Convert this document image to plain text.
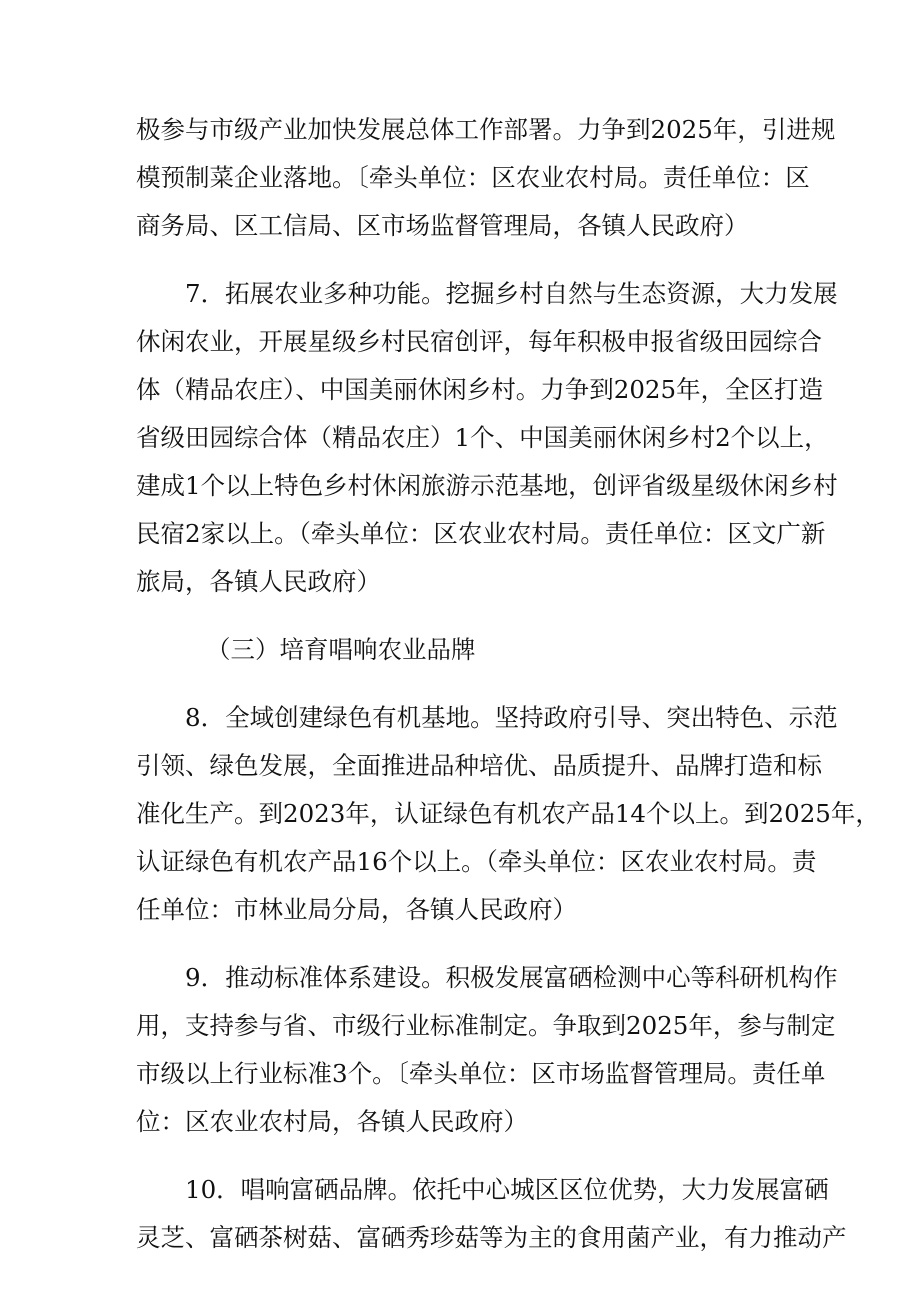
极参与市级产业加快发展总体工作部署。力争到2025年，引进规
模预制菜企业落地。〔牵头单位：区农业农村局。责任单位：区
商务局、区工信局、区市场监督管理局，各镇人民政府）
7．拓展农业多种功能。挖掘乡村自然与生态资源，大力发展
休闲农业，开展星级乡村民宿创评，每年积极申报省级田园综合
体（精品农庄）、中国美丽休闲乡村。力争到2025年，全区打造
省级田园综合体（精品农庄）1个、中国美丽休闲乡村2个以上，
建成1个以上特色乡村休闲旅游示范基地，创评省级星级休闲乡村
民宿2家以上。（牵头单位：区农业农村局。责任单位：区文广新
旅局，各镇人民政府）
（三）培育唱响农业品牌
8．全域创建绿色有机基地。坚持政府引导、突出特色、示范
引领、绿色发展，全面推进品种培优、品质提升、品牌打造和标
准化生产。到2023年，认证绿色有机农产品14个以上。到2025年，
认证绿色有机农产品16个以上。（牵头单位：区农业农村局。责
任单位：市林业局分局，各镇人民政府）
9．推动标准体系建设。积极发展富硒检测中心等科研机构作
用，支持参与省、市级行业标准制定。争取到2025年，参与制定
市级以上行业标准3个。〔牵头单位：区市场监督管理局。责任单
位：区农业农村局，各镇人民政府）
10．唱响富硒品牌。依托中心城区区位优势，大力发展富硒
灵芝、富硒茶树菇、富硒秀珍菇等为主的食用菌产业，有力推动产
